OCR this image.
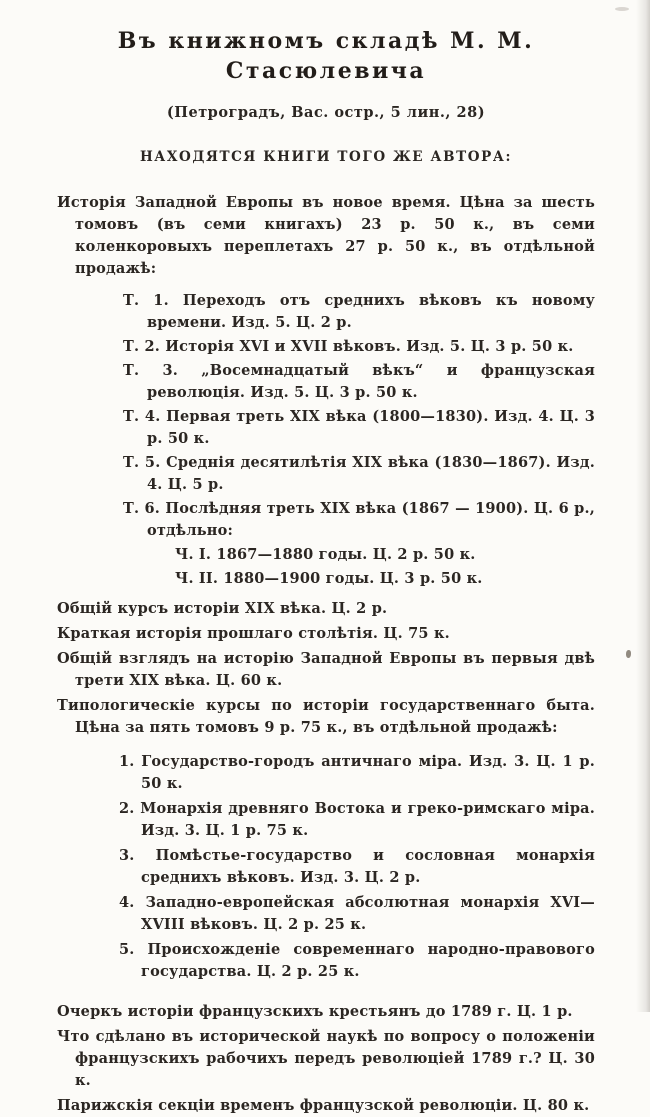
Въ книжномъ складѣ М. М. Стасюлевича
(Петроградъ, Вас. остр., 5 лин., 28)
НАХОДЯТСЯ КНИГИ ТОГО ЖЕ АВТОРА:

Исторія Западной Европы въ новое время. Цѣна за шесть томовъ (въ семи книгахъ) 23 р. 50 к., въ семи коленкоровыхъ переплетахъ 27 р. 50 к., въ отдѣльной продажѣ:

Т. 1. Переходъ отъ среднихъ вѣковъ къ новому времени. Изд. 5. Ц. 2 р.

Т. 2. Исторія XVI и XVII вѣковъ. Изд. 5. Ц. 3 р. 50 к.

Т. 3. „Восемнадцатый вѣкъ“ и французская революція. Изд. 5. Ц. 3 р. 50 к.

Т. 4. Первая треть XIX вѣка (1800—1830). Изд. 4. Ц. 3 р. 50 к.

Т. 5. Среднія десятилѣтія XIX вѣка (1830—1867). Изд. 4. Ц. 5 р.

Т. 6. Послѣдняя треть XIX вѣка (1867 — 1900). Ц. 6 р., отдѣльно:

Ч. I. 1867—1880 годы. Ц. 2 р. 50 к.

Ч. II. 1880—1900 годы. Ц. 3 р. 50 к.

Общій курсъ исторіи XIX вѣка. Ц. 2 р.

Краткая исторія прошлаго столѣтія. Ц. 75 к.

Общій взглядъ на исторію Западной Европы въ первыя двѣ трети XIX вѣка. Ц. 60 к.

Типологическіе курсы по исторіи государственнаго быта. Цѣна за пять томовъ 9 р. 75 к., въ отдѣльной продажѣ:

1. Государство-городъ античнаго міра. Изд. 3. Ц. 1 р. 50 к.

2. Монархія древняго Востока и греко-римскаго міра. Изд. 3. Ц. 1 р. 75 к.

3. Помѣстье-государство и сословная монархія среднихъ вѣковъ. Изд. 3. Ц. 2 р.

4. Западно-европейская абсолютная монархія XVI—XVIII вѣковъ. Ц. 2 р. 25 к.

5. Происхожденіе современнаго народно-правового государства. Ц. 2 р. 25 к.

Очеркъ исторіи французскихъ крестьянъ до 1789 г. Ц. 1 р.

Что сдѣлано въ исторической наукѣ по вопросу о положеніи французскихъ рабочихъ передъ революціей 1789 г.? Ц. 30 к.

Парижскія секціи временъ французской революціи. Ц. 80 к.
